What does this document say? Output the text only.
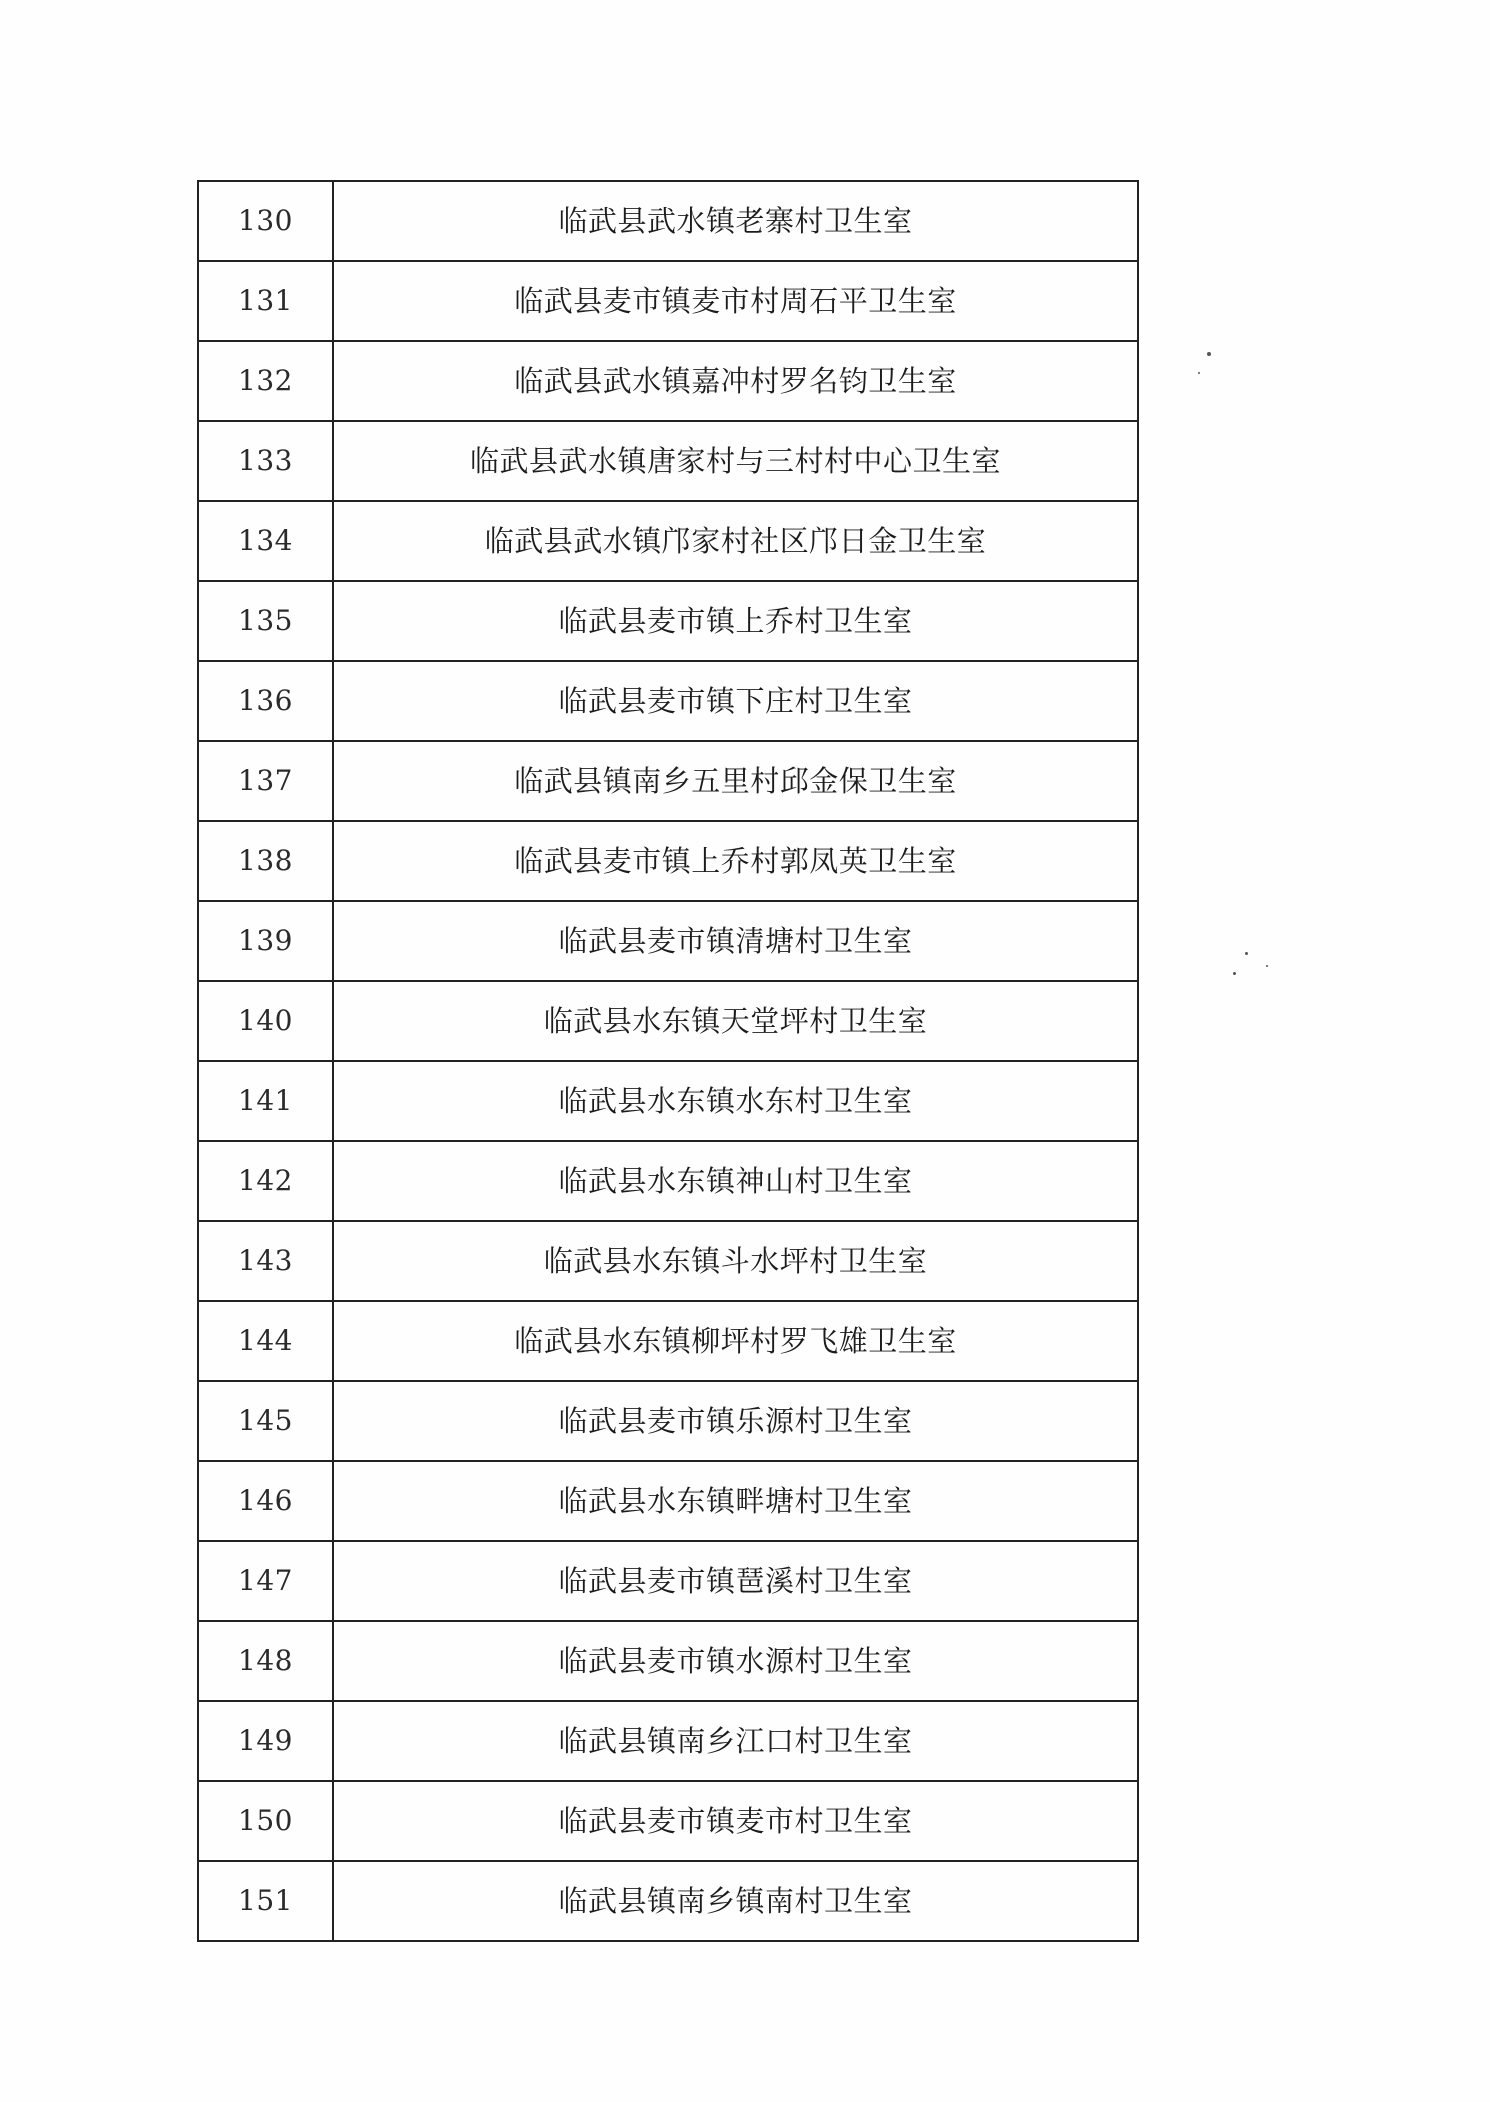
130	临武县武水镇老寨村卫生室
131	临武县麦市镇麦市村周石平卫生室
132	临武县武水镇嘉冲村罗名钧卫生室
133	临武县武水镇唐家村与三村村中心卫生室
134	临武县武水镇邝家村社区邝日金卫生室
135	临武县麦市镇上乔村卫生室
136	临武县麦市镇下庄村卫生室
137	临武县镇南乡五里村邱金保卫生室
138	临武县麦市镇上乔村郭凤英卫生室
139	临武县麦市镇清塘村卫生室
140	临武县水东镇天堂坪村卫生室
141	临武县水东镇水东村卫生室
142	临武县水东镇神山村卫生室
143	临武县水东镇斗水坪村卫生室
144	临武县水东镇柳坪村罗飞雄卫生室
145	临武县麦市镇乐源村卫生室
146	临武县水东镇畔塘村卫生室
147	临武县麦市镇琶溪村卫生室
148	临武县麦市镇水源村卫生室
149	临武县镇南乡江口村卫生室
150	临武县麦市镇麦市村卫生室
151	临武县镇南乡镇南村卫生室
